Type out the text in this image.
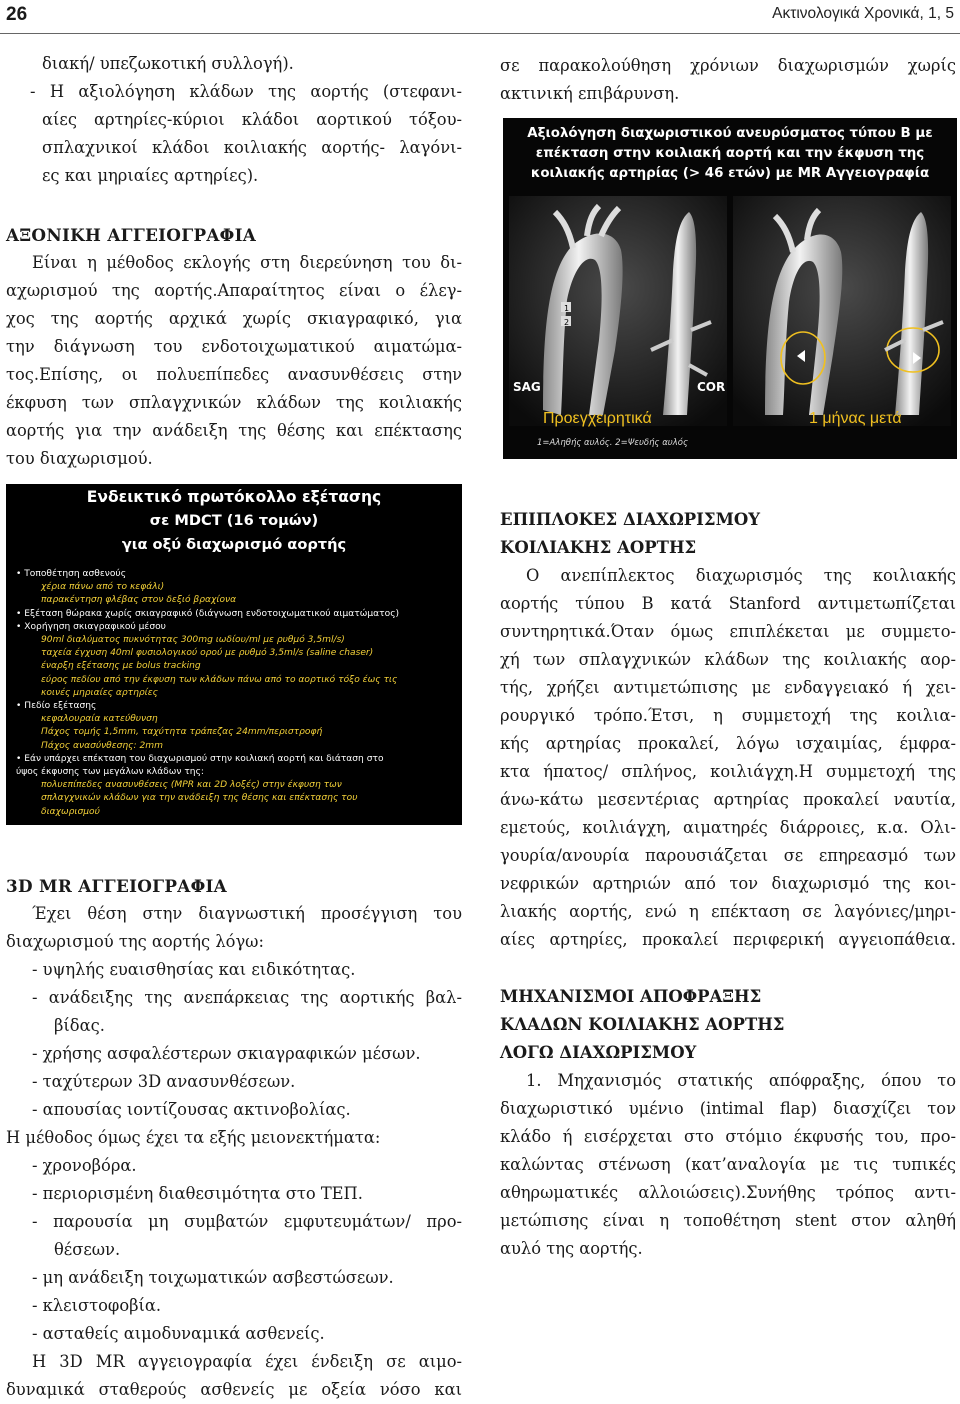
26	Ακτινολογικά Χρονικά, 1, 5

διακή/ υπεζωκοτική συλλογή).

- Η αξιολόγηση κλάδων της αορτής (στεφανι-

αίες αρτηρίες-κύριοι κλάδοι αορτικού τόξου-

σπλαχνικοί κλάδοι κοιλιακής αορτής- λαγόνι-

ες και μηριαίες αρτηρίες).

ΑΞΟΝΙΚΗ ΑΓΓΕΙΟΓΡΑΦΙΑ

Είναι η μέθοδος εκλογής στη διερεύνηση του δι-

αχωρισμού της αορτής.Απαραίτητος είναι ο έλεγ-

χος της αορτής αρχικά χωρίς σκιαγραφικό, για

την διάγνωση του ενδοτοιχωματικού αιματώμα-

τος.Επίσης, οι πολυεπίπεδες ανασυνθέσεις στην

έκφυση των σπλαγχνικών κλάδων της κοιλιακής

αορτής για την ανάδειξη της θέσης και επέκτασης

του διαχωρισμού.

Ενδεικτικό πρωτόκολλο εξέτασης
σε MDCT (16 τομών)
για οξύ διαχωρισμό αορτής
• Τοποθέτηση ασθενούς
χέρια πάνω από το κεφάλι)
παρακέντηση φλέβας στον δεξιό βραχίονα
• Εξέταση θώρακα χωρίς σκιαγραφικό (διάγνωση ενδοτοιχωματικού αιματώματος)
• Χορήγηση σκιαγραφικού μέσου
90ml διαλύματος πυκνότητας 300mg ιωδίου/ml με ρυθμό 3,5ml/s)
ταχεία έγχυση 40ml φυσιολογικού ορού με ρυθμό 3,5ml/s (saline chaser)
έναρξη εξέτασης με bolus tracking
εύρος πεδίου από την έκφυση των κλάδων πάνω από το αορτικό τόξο έως τις
κοινές μηριαίες αρτηρίες
• Πεδίο εξέτασης
κεφαλουραία κατεύθυνση
Πάχος τομής 1,5mm, ταχύτητα τράπεζας 24mm/περιστροφή
Πάχος ανασύνθεσης: 2mm
• Εάν υπάρχει επέκταση του διαχωρισμού στην κοιλιακή αορτή και διάταση στο
ύψος έκφυσης των μεγάλων κλάδων της:
πολυεπίπεδες ανασυνθέσεις (MPR και 2D λοξές) στην έκφυση των
σπλαγχνικών κλάδων για την ανάδειξη της θέσης και επέκτασης του
διαχωρισμού

3D MR ΑΓΓΕΙΟΓΡΑΦΙΑ

Έχει θέση στην διαγνωστική προσέγγιση του

διαχωρισμού της αορτής λόγω:

- υψηλής ευαισθησίας και ειδικότητας.

- ανάδειξης της ανεπάρκειας της αορτικής βαλ-

βίδας.

- χρήσης ασφαλέστερων σκιαγραφικών μέσων.

- ταχύτερων 3D ανασυνθέσεων.

- απουσίας ιοντίζουσας ακτινοβολίας.

Η μέθοδος όμως έχει τα εξής μειονεκτήματα:

- χρονοβόρα.

- περιορισμένη διαθεσιμότητα στο ΤΕΠ.

- παρουσία μη συμβατών εμφυτευμάτων/ προ-

θέσεων.

- μη ανάδειξη τοιχωματικών ασβεστώσεων.

- κλειστοφοβία.

- ασταθείς αιμοδυναμικά ασθενείς.

Η 3D MR αγγειογραφία έχει ένδειξη σε αιμο-

δυναμικά σταθερούς ασθενείς με οξεία νόσο και

σε παρακολούθηση χρόνιων διαχωρισμών χωρίς

ακτινική επιβάρυνση.

Αξιολόγηση διαχωριστικού ανευρύσματος τύπου Β με
επέκταση στην κοιλιακή αορτή και την έκφυση της
κοιλιακής αρτηρίας (> 46 ετών) με MR Αγγειογραφία
1
2
SAG	COR
Προεγχειρητικά	1 μήνας μετά
1=Αληθής αυλός. 2=Ψευδής αυλός

ΕΠΙΠΛΟΚΕΣ ΔΙΑΧΩΡΙΣΜΟΥ

ΚΟΙΛΙΑΚΗΣ ΑΟΡΤΗΣ

Ο ανεπίπλεκτος διαχωρισμός της κοιλιακής

αορτής τύπου Β κατά Stanford αντιμετωπίζεται

συντηρητικά.Όταν όμως επιπλέκεται με συμμετο-

χή των σπλαγχνικών κλάδων της κοιλιακής αορ-

τής, χρήζει αντιμετώπισης με ενδαγγειακό ή χει-

ρουργικό τρόπο.Έτσι, η συμμετοχή της κοιλια-

κής αρτηρίας προκαλεί, λόγω ισχαιμίας, έμφρα-

κτα ήπατος/ σπλήνος, κοιλιάγχη.Η συμμετοχή της

άνω-κάτω μεσεντέριας αρτηρίας προκαλεί ναυτία,

εμετούς, κοιλιάγχη, αιματηρές διάρροιες, κ.α. Ολι-

γουρία/ανουρία παρουσιάζεται σε επηρεασμό των

νεφρικών αρτηριών από τον διαχωρισμό της κοι-

λιακής αορτής, ενώ η επέκταση σε λαγόνιες/μηρι-

αίες αρτηρίες, προκαλεί περιφερική αγγειοπάθεια.

ΜΗΧΑΝΙΣΜΟΙ ΑΠΟΦΡΑΞΗΣ

ΚΛΑΔΩΝ ΚΟΙΛΙΑΚΗΣ ΑΟΡΤΗΣ

ΛΟΓΩ ΔΙΑΧΩΡΙΣΜΟΥ

1. Μηχανισμός στατικής απόφραξης, όπου το

διαχωριστικό υμένιο (intimal flap) διασχίζει τον

κλάδο ή εισέρχεται στο στόμιο έκφυσής του, προ-

καλώντας στένωση (κατ’αναλογία με τις τυπικές

αθηρωματικές αλλοιώσεις).Συνήθης τρόπος αντι-

μετώπισης είναι η τοποθέτηση stent στον αληθή

αυλό της αορτής.
